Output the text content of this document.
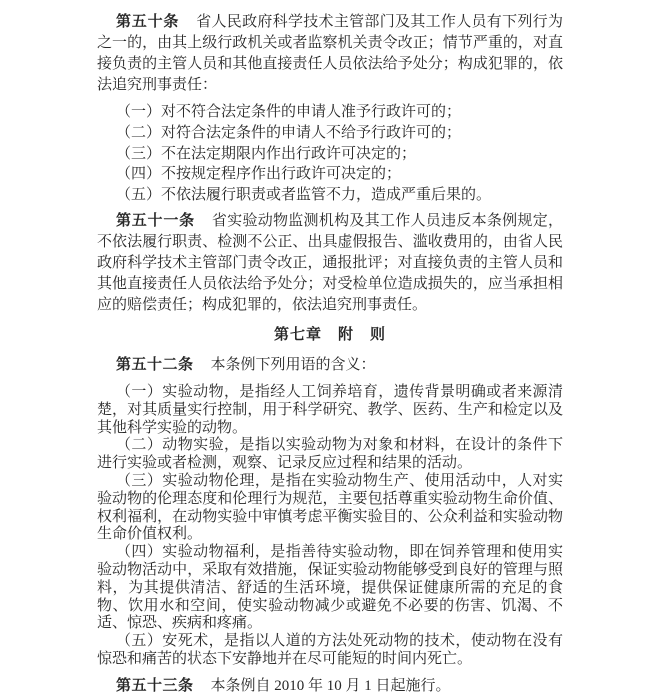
第五十条 省人民政府科学技术主管部门及其工作人员有下列行为之一的，由其上级行政机关或者监察机关责令改正；情节严重的，对直接负责的主管人员和其他直接责任人员依法给予处分；构成犯罪的，依法追究刑事责任：

（一）对不符合法定条件的申请人准予行政许可的；

（二）对符合法定条件的申请人不给予行政许可的；

（三）不在法定期限内作出行政许可决定的；

（四）不按规定程序作出行政许可决定的；

（五）不依法履行职责或者监管不力，造成严重后果的。

第五十一条 省实验动物监测机构及其工作人员违反本条例规定，不依法履行职责、检测不公正、出具虚假报告、滥收费用的，由省人民政府科学技术主管部门责令改正，通报批评；对直接负责的主管人员和其他直接责任人员依法给予处分；对受检单位造成损失的，应当承担相应的赔偿责任；构成犯罪的，依法追究刑事责任。

第七章　附　则

第五十二条 本条例下列用语的含义：

（一）实验动物，是指经人工饲养培育，遗传背景明确或者来源清楚，对其质量实行控制，用于科学研究、教学、医药、生产和检定以及其他科学实验的动物。

（二）动物实验，是指以实验动物为对象和材料，在设计的条件下进行实验或者检测，观察、记录反应过程和结果的活动。

（三）实验动物伦理，是指在实验动物生产、使用活动中，人对实验动物的伦理态度和伦理行为规范，主要包括尊重实验动物生命价值、权利福利，在动物实验中审慎考虑平衡实验目的、公众利益和实验动物生命价值权利。

（四）实验动物福利，是指善待实验动物，即在饲养管理和使用实验动物活动中，采取有效措施，保证实验动物能够受到良好的管理与照料，为其提供清洁、舒适的生活环境，提供保证健康所需的充足的食物、饮用水和空间，使实验动物减少或避免不必要的伤害、饥渴、不适、惊恐、疾病和疼痛。

（五）安死术，是指以人道的方法处死动物的技术，使动物在没有惊恐和痛苦的状态下安静地并在尽可能短的时间内死亡。

第五十三条 本条例自 2010 年 10 月 1 日起施行。
